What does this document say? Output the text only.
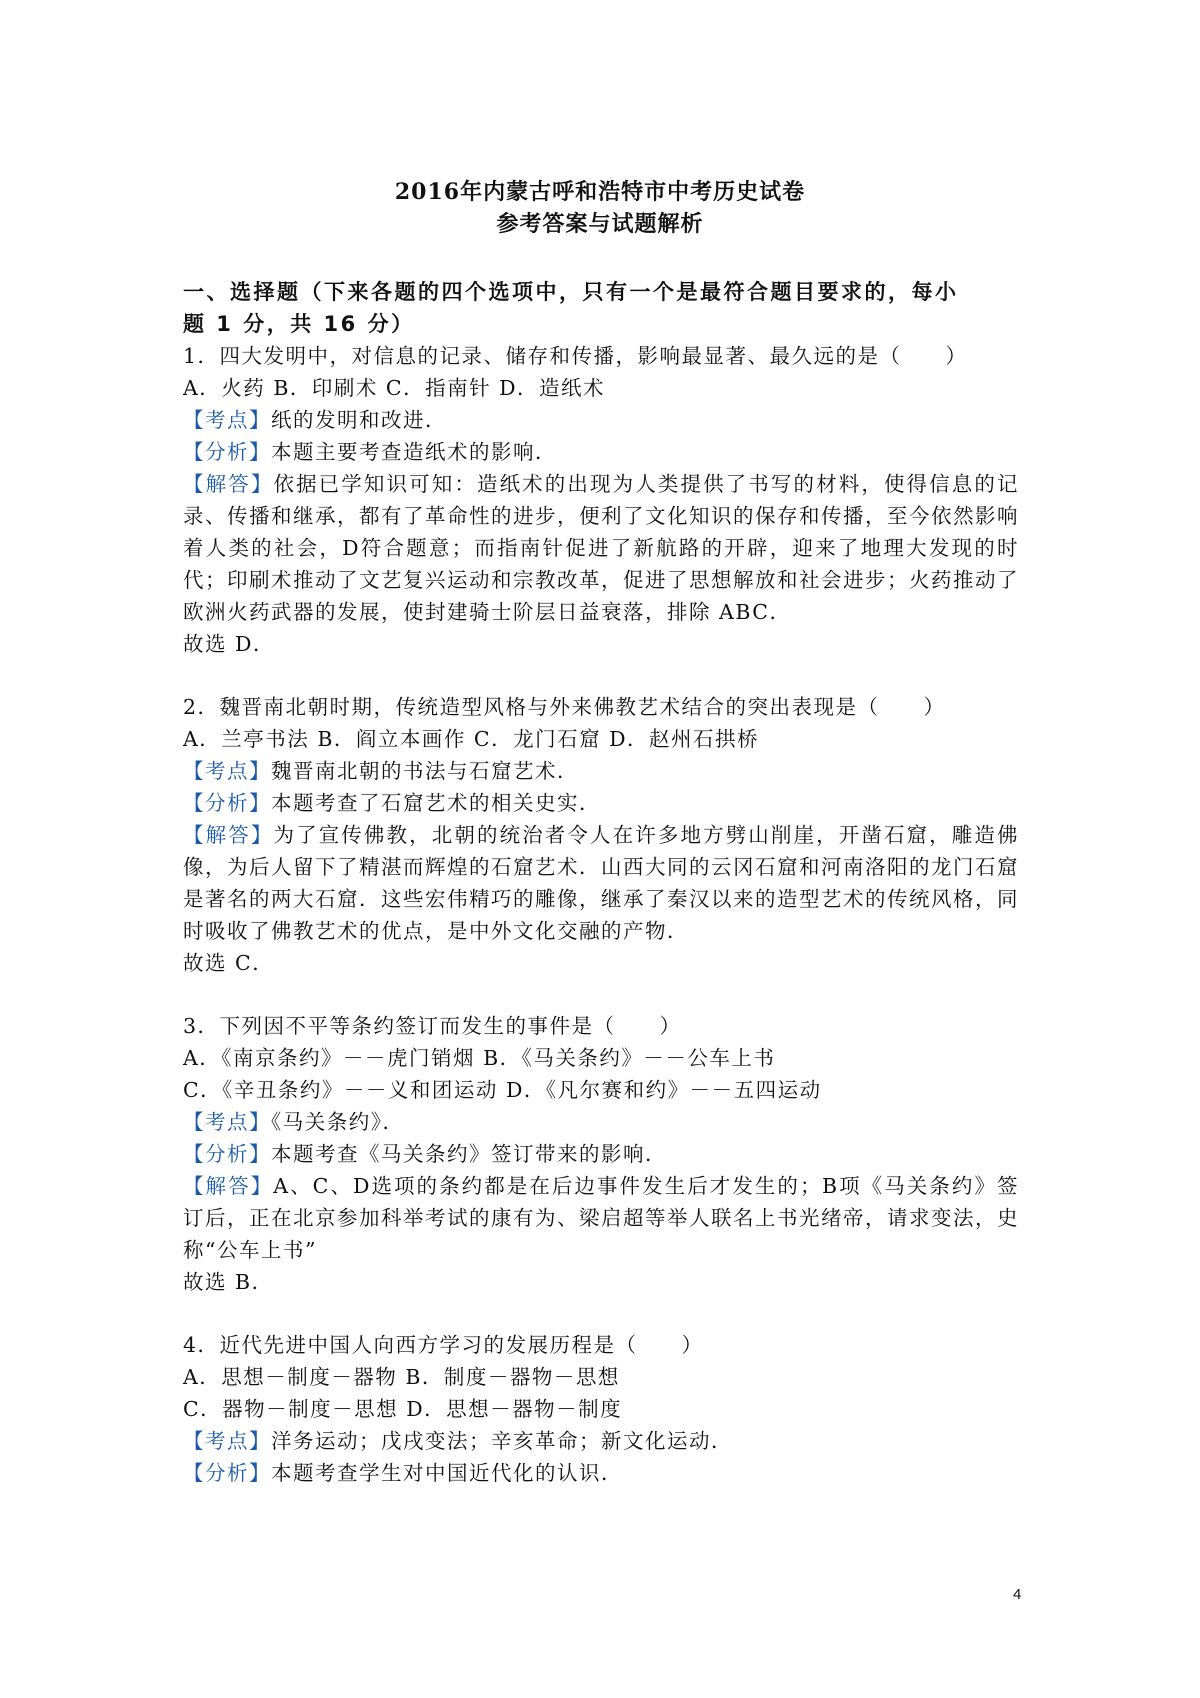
2016年内蒙古呼和浩特市中考历史试卷
参考答案与试题解析
一、选择题（下来各题的四个选项中，只有一个是最符合题目要求的，每小
题 1 分，共 16 分）
1．四大发明中，对信息的记录、储存和传播，影响最显著、最久远的是（　　）
A．火药 B．印刷术 C．指南针 D．造纸术
【考点】纸的发明和改进．
【分析】本题主要考查造纸术的影响．
【解答】依据已学知识可知：造纸术的出现为人类提供了书写的材料，使得信息的记录、传播和继承，都有了革命性的进步，便利了文化知识的保存和传播，至今依然影响着人类的社会，D符合题意；而指南针促进了新航路的开辟，迎来了地理大发现的时代；印刷术推动了文艺复兴运动和宗教改革，促进了思想解放和社会进步；火药推动了欧洲火药武器的发展，使封建骑士阶层日益衰落，排除 ABC．
故选 D．
2．魏晋南北朝时期，传统造型风格与外来佛教艺术结合的突出表现是（　　）
A．兰亭书法 B．阎立本画作 C．龙门石窟 D．赵州石拱桥
【考点】魏晋南北朝的书法与石窟艺术．
【分析】本题考查了石窟艺术的相关史实．
【解答】为了宣传佛教，北朝的统治者令人在许多地方劈山削崖，开凿石窟，雕造佛像，为后人留下了精湛而辉煌的石窟艺术．山西大同的云冈石窟和河南洛阳的龙门石窟是著名的两大石窟．这些宏伟精巧的雕像，继承了秦汉以来的造型艺术的传统风格，同时吸收了佛教艺术的优点，是中外文化交融的产物．
故选 C．
3．下列因不平等条约签订而发生的事件是（　　）
A．《南京条约》－－虎门销烟 B．《马关条约》－－公车上书
C．《辛丑条约》－－义和团运动 D．《凡尔赛和约》－－五四运动
【考点】《马关条约》．
【分析】本题考查《马关条约》签订带来的影响．
【解答】A、C、D选项的条约都是在后边事件发生后才发生的；B项《马关条约》签订后，正在北京参加科举考试的康有为、梁启超等举人联名上书光绪帝，请求变法，史称“公车上书”
故选 B．
4．近代先进中国人向西方学习的发展历程是（　　）
A．思想－制度－器物 B．制度－器物－思想
C．器物－制度－思想 D．思想－器物－制度
【考点】洋务运动；戊戌变法；辛亥革命；新文化运动．
【分析】本题考查学生对中国近代化的认识．
4
